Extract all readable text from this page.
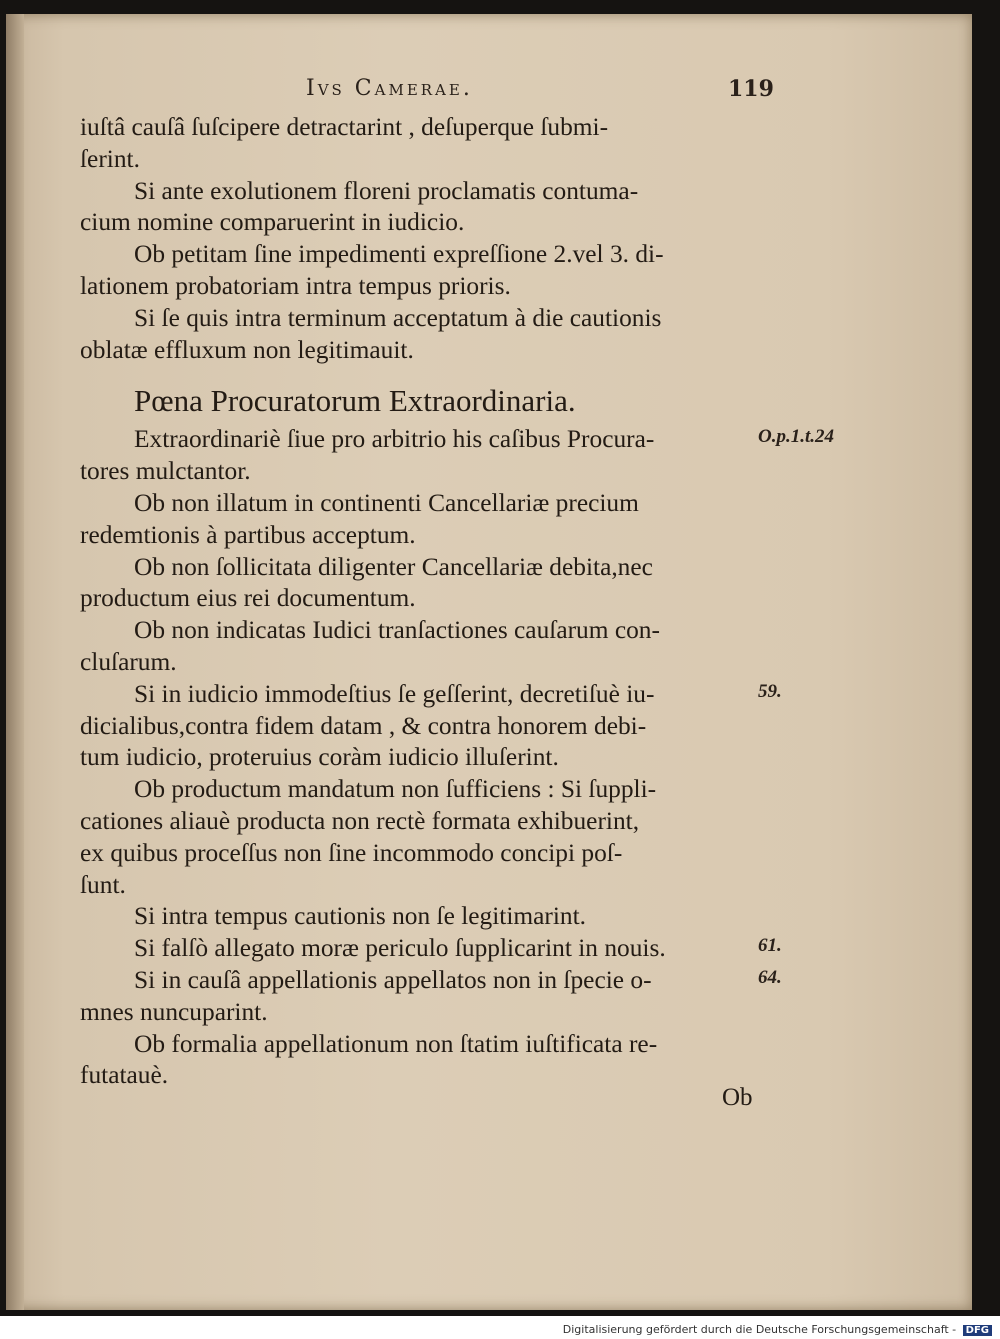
Ivs Camerae.	119
iuſtâ cauſâ ſuſcipere detractarint , deſuperque ſubmi-
ſerint.
Si ante exolutionem floreni proclamatis contuma-
cium nomine comparuerint in iudicio.
Ob petitam ſine impedimenti expreſſione 2.vel 3. di-
lationem probatoriam intra tempus prioris.
Si ſe quis intra terminum acceptatum à die cautionis
oblatæ effluxum non legitimauit.
Pœna Procuratorum Extraordinaria.
Extraordinariè ſiue pro arbitrio his caſibus Procura-
tores mulctantor.
Ob non illatum in continenti Cancellariæ precium
redemtionis à partibus acceptum.
Ob non ſollicitata diligenter Cancellariæ debita,nec
productum eius rei documentum.
Ob non indicatas Iudici tranſactiones cauſarum con-
cluſarum.
Si in iudicio immodeſtius ſe geſſerint, decretiſuè iu-
dicialibus,contra fidem datam , & contra honorem debi-
tum iudicio, proteruius coràm iudicio illuſerint.
Ob productum mandatum non ſufficiens : Si ſuppli-
cationes aliauè producta non rectè formata exhibuerint,
ex quibus proceſſus non ſine incommodo concipi poſ-
ſunt.
Si intra tempus cautionis non ſe legitimarint.
Si falſò allegato moræ periculo ſupplicarint in nouis.
Si in cauſâ appellationis appellatos non in ſpecie o-
mnes nuncuparint.
Ob formalia appellationum non ſtatim iuſtificata re-
futatauè.
O.p.1.t.24
59.
61.
64.
Ob
Digitalisierung gefördert durch die Deutsche Forschungsgemeinschaft - DFG
